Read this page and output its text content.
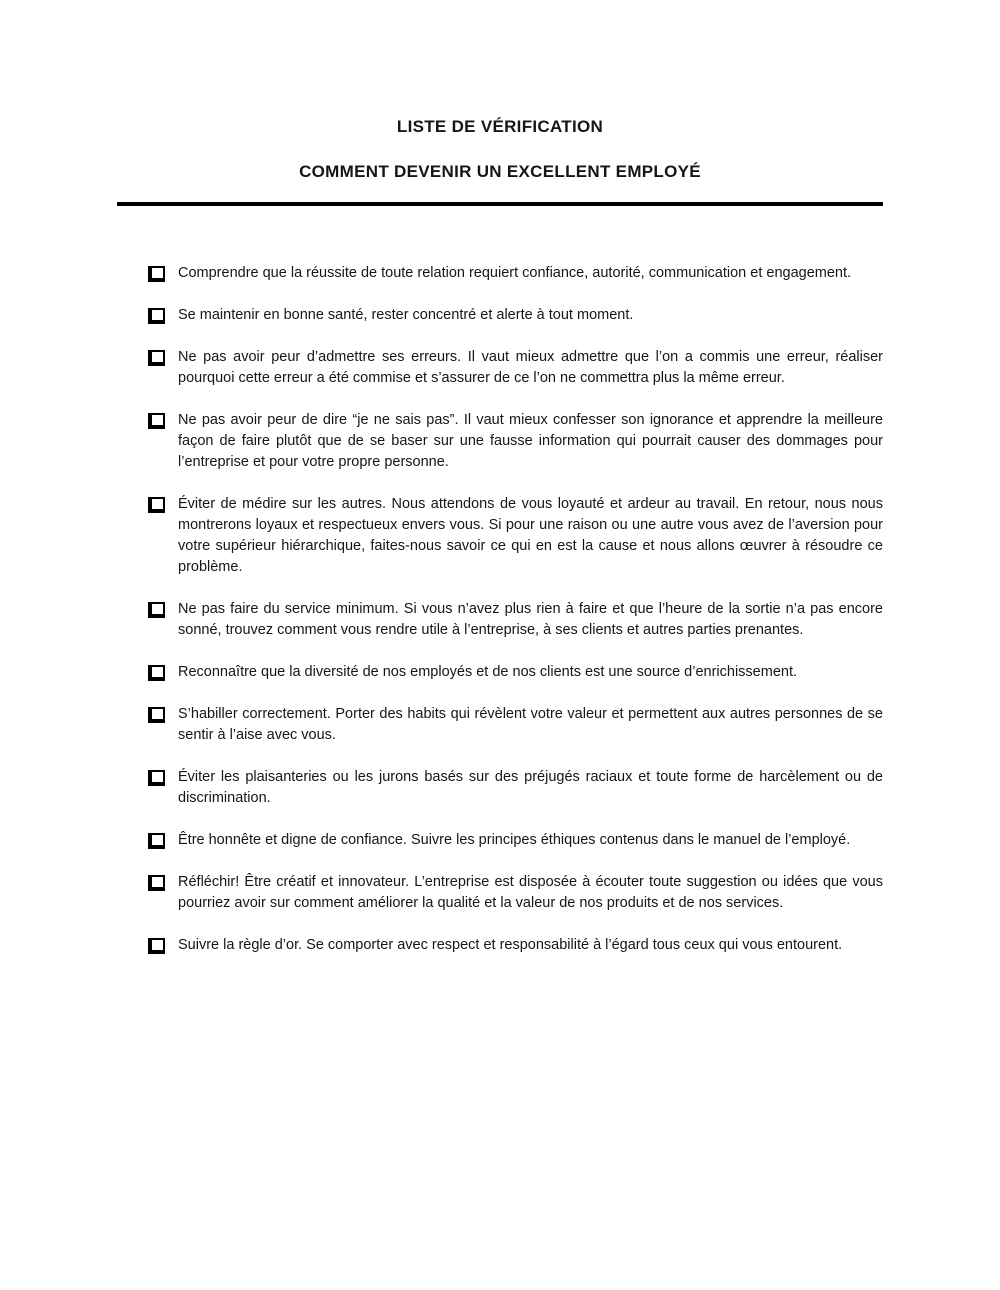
LISTE DE VÉRIFICATION
COMMENT DEVENIR UN EXCELLENT EMPLOYÉ

Comprendre que la réussite de toute relation requiert confiance, autorité, communication et engagement.

Se maintenir en bonne santé, rester concentré et alerte à tout moment.

Ne pas avoir peur d’admettre ses erreurs. Il vaut mieux admettre que l’on a commis une erreur, réaliser pourquoi cette erreur a été commise et s’assurer de ce l’on ne commettra plus la même erreur.

Ne pas avoir peur de dire “je ne sais pas”. Il vaut mieux confesser son ignorance et apprendre la meilleure façon de faire plutôt que de se baser sur une fausse information qui pourrait causer des dommages pour l’entreprise et pour votre propre personne.

Éviter de médire sur les autres. Nous attendons de vous loyauté et ardeur au travail. En retour, nous nous montrerons loyaux et respectueux envers vous. Si pour une raison ou une autre vous avez de l’aversion pour votre supérieur hiérarchique, faites-nous savoir ce qui en est la cause et nous allons œuvrer à résoudre ce problème.

Ne pas faire du service minimum. Si vous n’avez plus rien à faire et que l’heure de la sortie n’a pas encore sonné, trouvez comment vous rendre utile à l’entreprise, à ses clients et autres parties prenantes.

Reconnaître que la diversité de nos employés et de nos clients est une source d’enrichissement.

S’habiller correctement. Porter des habits qui révèlent votre valeur et permettent aux autres personnes de se sentir à l’aise avec vous.

Éviter les plaisanteries ou les jurons basés sur des préjugés raciaux et toute forme de harcèlement ou de discrimination.

Être honnête et digne de confiance. Suivre les principes éthiques contenus dans le manuel de l’employé.

Réfléchir! Être créatif et innovateur. L’entreprise est disposée à écouter toute suggestion ou idées que vous pourriez avoir sur comment améliorer la qualité et la valeur de nos produits et de nos services.

Suivre la règle d’or. Se comporter avec respect et responsabilité à l’égard tous ceux qui vous entourent.
